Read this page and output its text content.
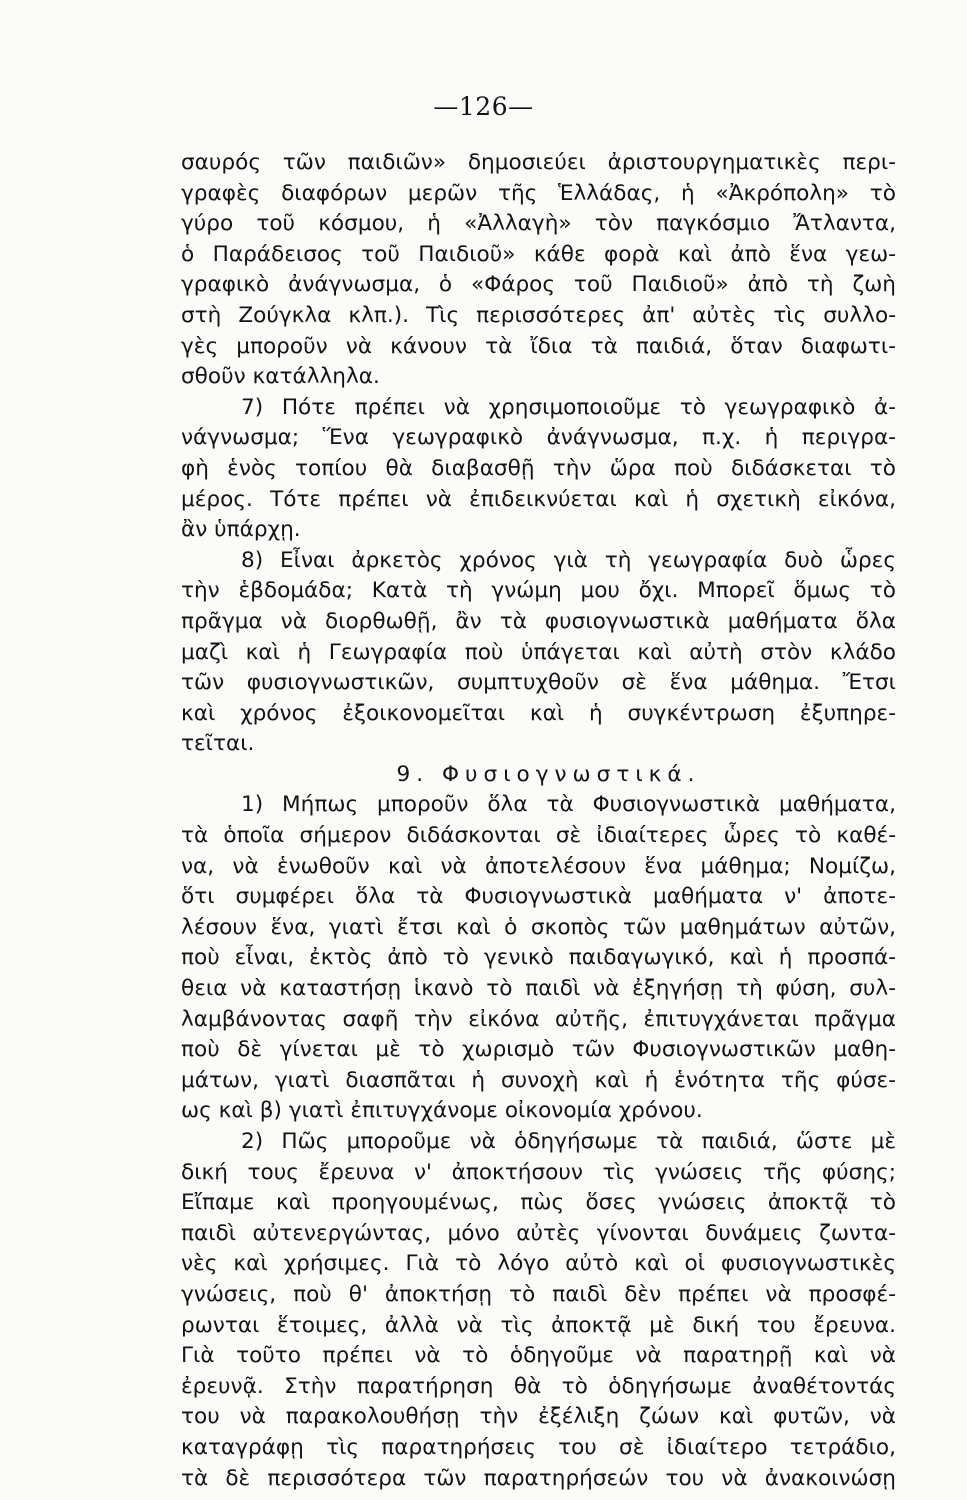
—126—
σαυρός τῶν παιδιῶν» δημοσιεύει ἀριστουργηματικὲς περι-
γραφὲς διαφόρων μερῶν τῆς Ἑλλάδας, ἡ «Ἀκρόπολη» τὸ
γύρο τοῦ κόσμου, ἡ «Ἀλλαγὴ» τὸν παγκόσμιο Ἄτλαντα,
ὁ Παράδεισος τοῦ Παιδιοῦ» κάθε φορὰ καὶ ἀπὸ ἕνα γεω-
γραφικὸ ἀνάγνωσμα, ὁ «Φάρος τοῦ Παιδιοῦ» ἀπὸ τὴ ζωὴ
στὴ Ζούγκλα κλπ.). Τὶς περισσότερες ἀπ' αὐτὲς τὶς συλλο-
γὲς μποροῦν νὰ κάνουν τὰ ἴδια τὰ παιδιά, ὅταν διαφωτι-
σθοῦν κατάλληλα.
7) Πότε πρέπει νὰ χρησιμοποιοῦμε τὸ γεωγραφικὸ ἀ-
νάγνωσμα; Ἕνα γεωγραφικὸ ἀνάγνωσμα, π.χ. ἡ περιγρα-
φὴ ἑνὸς τοπίου θὰ διαβασθῇ τὴν ὥρα ποὺ διδάσκεται τὸ
μέρος. Τότε πρέπει νὰ ἐπιδεικνύεται καὶ ἡ σχετικὴ εἰκόνα,
ἂν ὑπάρχῃ.
8) Εἶναι ἀρκετὸς χρόνος γιὰ τὴ γεωγραφία δυὸ ὧρες
τὴν ἑβδομάδα; Κατὰ τὴ γνώμη μου ὄχι. Μπορεῖ ὅμως τὸ
πρᾶγμα νὰ διορθωθῇ, ἂν τὰ φυσιογνωστικὰ μαθήματα ὅλα
μαζὶ καὶ ἡ Γεωγραφία ποὺ ὑπάγεται καὶ αὐτὴ στὸν κλάδο
τῶν φυσιογνωστικῶν, συμπτυχθοῦν σὲ ἕνα μάθημα. Ἔτσι
καὶ χρόνος ἐξοικονομεῖται καὶ ἡ συγκέντρωση ἐξυπηρε-
τεῖται.
9. Φυσιογνωστικά.
1) Μήπως μποροῦν ὅλα τὰ Φυσιογνωστικὰ μαθήματα,
τὰ ὁποῖα σήμερον διδάσκονται σὲ ἰδιαίτερες ὧρες τὸ καθέ-
να, νὰ ἑνωθοῦν καὶ νὰ ἀποτελέσουν ἕνα μάθημα; Νομίζω,
ὅτι συμφέρει ὅλα τὰ Φυσιογνωστικὰ μαθήματα ν' ἀποτε-
λέσουν ἕνα, γιατὶ ἔτσι καὶ ὁ σκοπὸς τῶν μαθημάτων αὐτῶν,
ποὺ εἶναι, ἐκτὸς ἀπὸ τὸ γενικὸ παιδαγωγικό, καὶ ἡ προσπά-
θεια νὰ καταστήσῃ ἱκανὸ τὸ παιδὶ νὰ ἐξηγήσῃ τὴ φύση, συλ-
λαμβάνοντας σαφῆ τὴν εἰκόνα αὐτῆς, ἐπιτυγχάνεται πρᾶγμα
ποὺ δὲ γίνεται μὲ τὸ χωρισμὸ τῶν Φυσιογνωστικῶν μαθη-
μάτων, γιατὶ διασπᾶται ἡ συνοχὴ καὶ ἡ ἑνότητα τῆς φύσε-
ως καὶ β) γιατὶ ἐπιτυγχάνομε οἰκονομία χρόνου.
2) Πῶς μποροῦμε νὰ ὁδηγήσωμε τὰ παιδιά, ὥστε μὲ
δική τους ἔρευνα ν' ἀποκτήσουν τὶς γνώσεις τῆς φύσης;
Εἴπαμε καὶ προηγουμένως, πὼς ὅσες γνώσεις ἀποκτᾷ τὸ
παιδὶ αὐτενεργώντας, μόνο αὐτὲς γίνονται δυνάμεις ζωντα-
νὲς καὶ χρήσιμες. Γιὰ τὸ λόγο αὐτὸ καὶ οἱ φυσιογνωστικὲς
γνώσεις, ποὺ θ' ἀποκτήσῃ τὸ παιδὶ δὲν πρέπει νὰ προσφέ-
ρωνται ἕτοιμες, ἀλλὰ νὰ τὶς ἀποκτᾷ μὲ δική του ἔρευνα.
Γιὰ τοῦτο πρέπει νὰ τὸ ὁδηγοῦμε νὰ παρατηρῇ καὶ νὰ
ἐρευνᾷ. Στὴν παρατήρηση θὰ τὸ ὁδηγήσωμε ἀναθέτοντάς
του νὰ παρακολουθήσῃ τὴν ἐξέλιξη ζώων καὶ φυτῶν, νὰ
καταγράφῃ τὶς παρατηρήσεις του σὲ ἰδιαίτερο τετράδιο,
τὰ δὲ περισσότερα τῶν παρατηρήσεών του νὰ ἀνακοινώσῃ
